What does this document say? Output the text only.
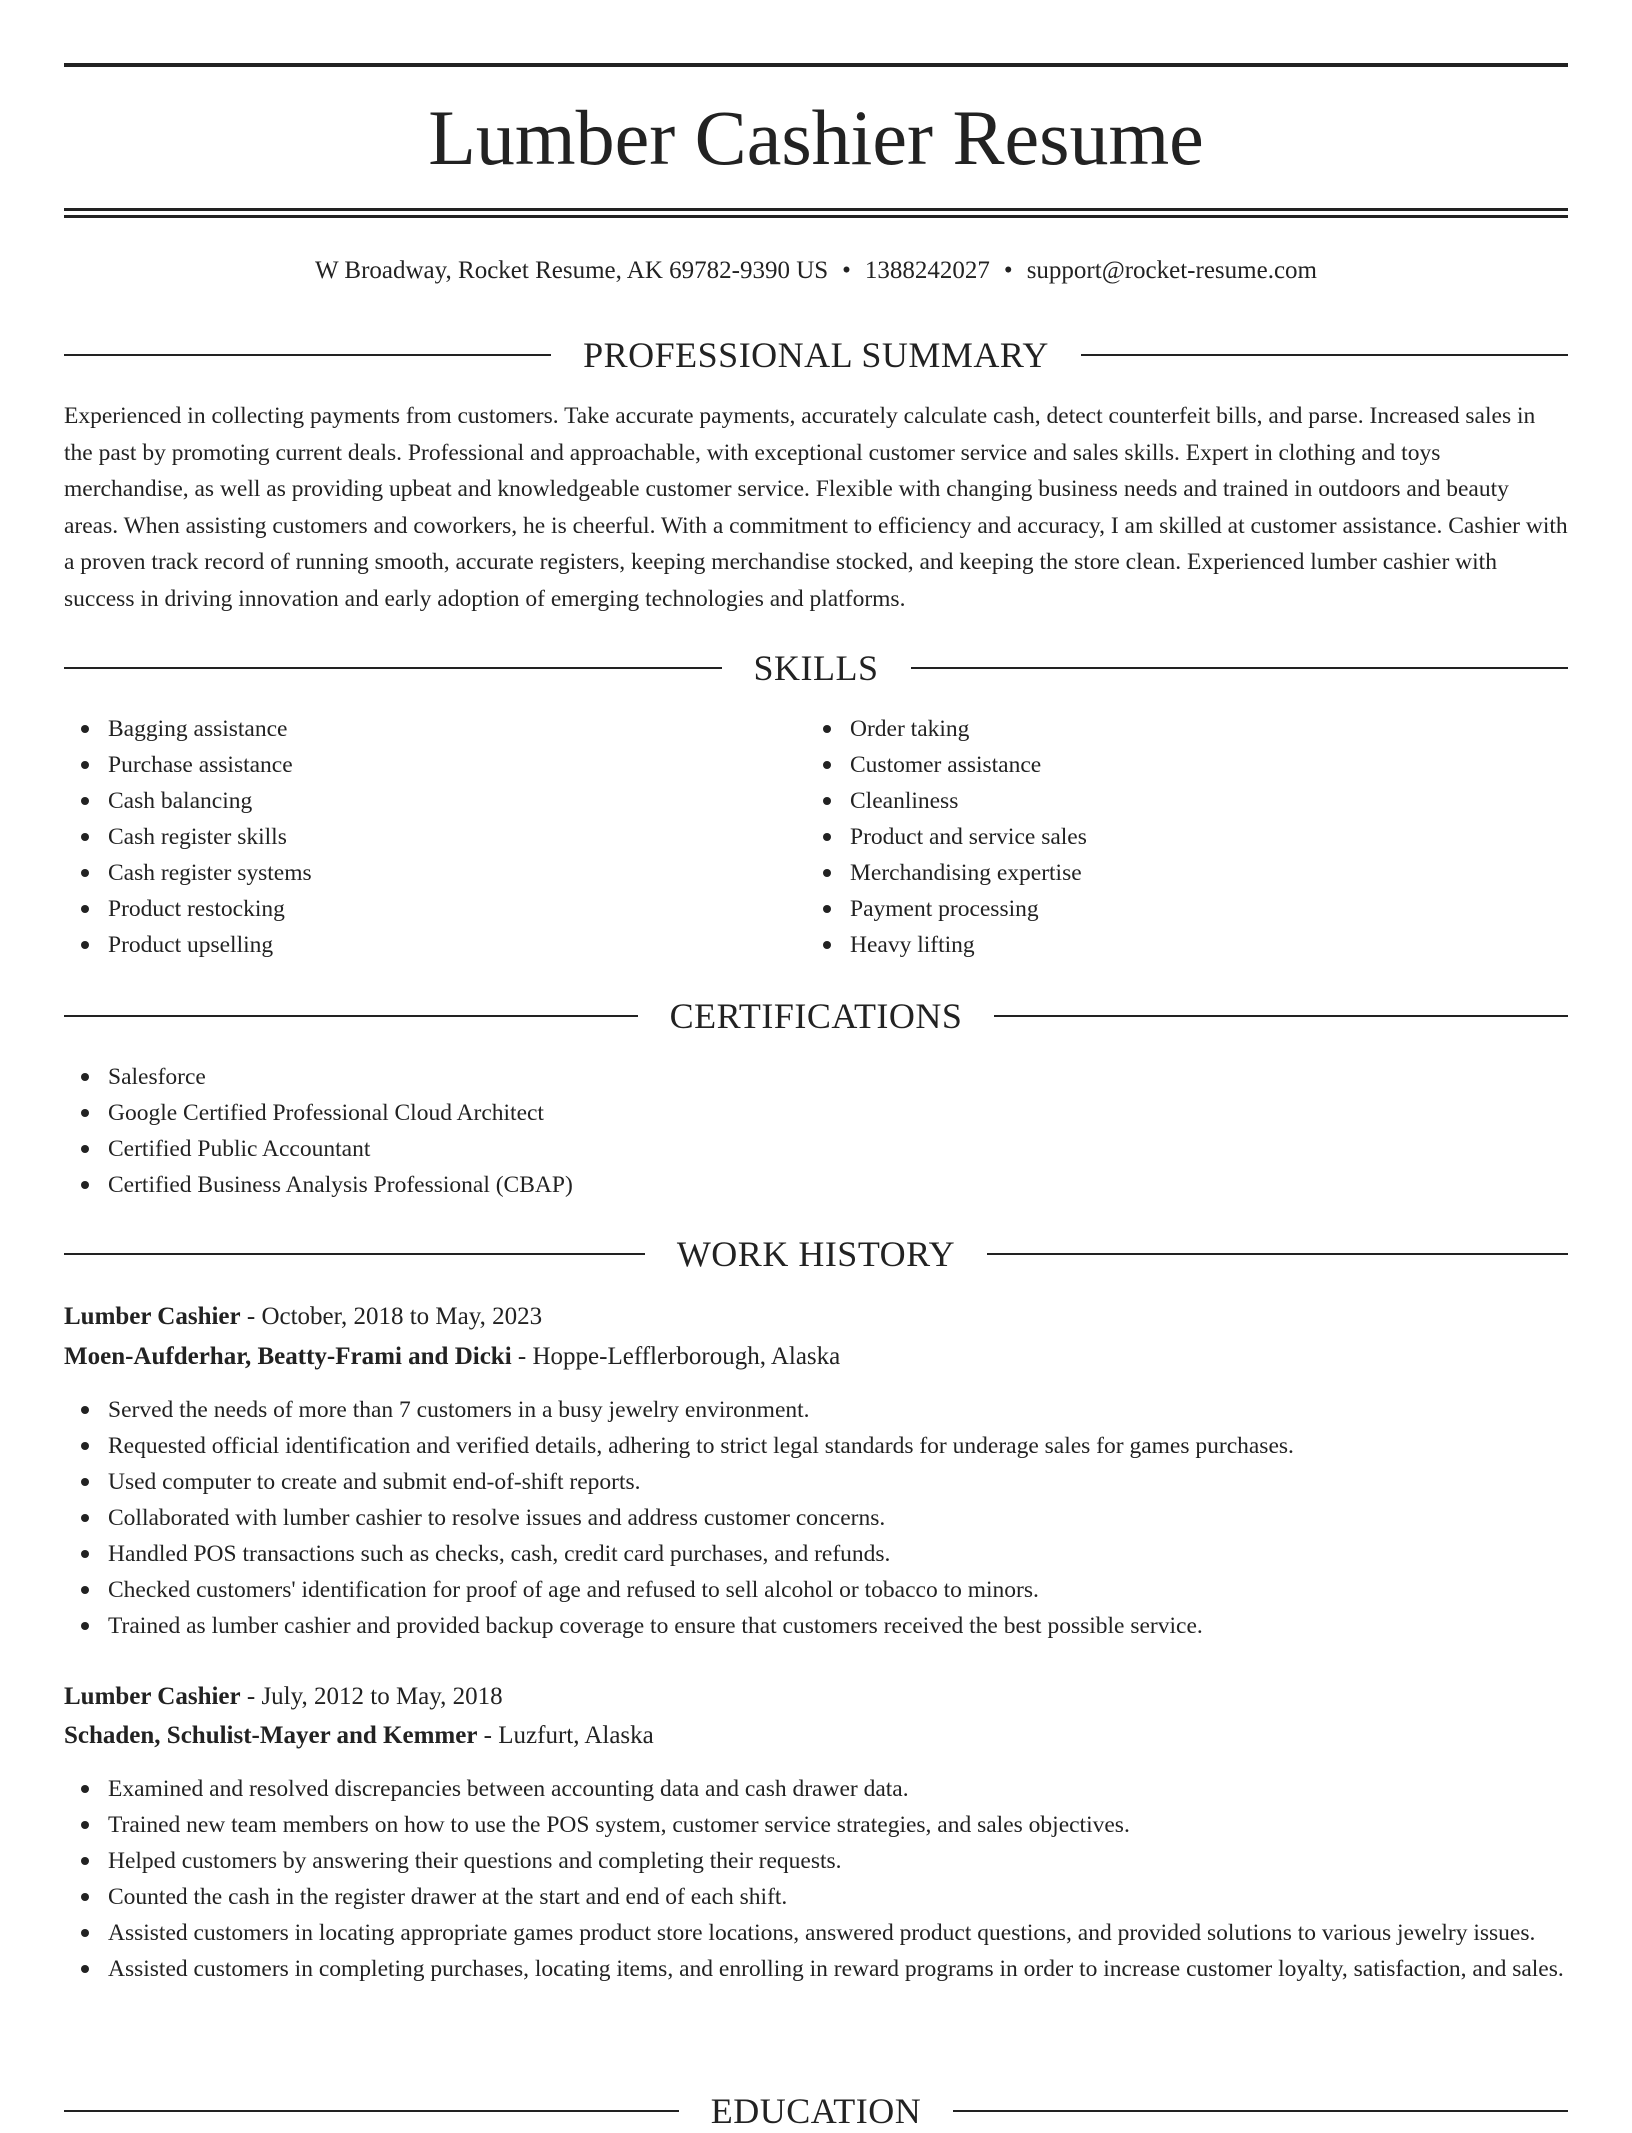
Lumber Cashier Resume
W Broadway, Rocket Resume, AK 69782-9390 US • 1388242027 • support@rocket-resume.com
PROFESSIONAL SUMMARY

Experienced in collecting payments from customers. Take accurate payments, accurately calculate cash, detect counterfeit bills, and parse. Increased sales in the past by promoting current deals. Professional and approachable, with exceptional customer service and sales skills. Expert in clothing and toys merchandise, as well as providing upbeat and knowledgeable customer service. Flexible with changing business needs and trained in outdoors and beauty areas. When assisting customers and coworkers, he is cheerful. With a commitment to efficiency and accuracy, I am skilled at customer assistance. Cashier with a proven track record of running smooth, accurate registers, keeping merchandise stocked, and keeping the store clean. Experienced lumber cashier with success in driving innovation and early adoption of emerging technologies and platforms.

SKILLS
Bagging assistance
Purchase assistance
Cash balancing
Cash register skills
Cash register systems
Product restocking
Product upselling
Order taking
Customer assistance
Cleanliness
Product and service sales
Merchandising expertise
Payment processing
Heavy lifting
CERTIFICATIONS
Salesforce
Google Certified Professional Cloud Architect
Certified Public Accountant
Certified Business Analysis Professional (CBAP)
WORK HISTORY
Lumber Cashier - October, 2018 to May, 2023
Moen-Aufderhar, Beatty-Frami and Dicki - Hoppe-Lefflerborough, Alaska
Served the needs of more than 7 customers in a busy jewelry environment.
Requested official identification and verified details, adhering to strict legal standards for underage sales for games purchases.
Used computer to create and submit end-of-shift reports.
Collaborated with lumber cashier to resolve issues and address customer concerns.
Handled POS transactions such as checks, cash, credit card purchases, and refunds.
Checked customers' identification for proof of age and refused to sell alcohol or tobacco to minors.
Trained as lumber cashier and provided backup coverage to ensure that customers received the best possible service.
Lumber Cashier - July, 2012 to May, 2018
Schaden, Schulist-Mayer and Kemmer - Luzfurt, Alaska
Examined and resolved discrepancies between accounting data and cash drawer data.
Trained new team members on how to use the POS system, customer service strategies, and sales objectives.
Helped customers by answering their questions and completing their requests.
Counted the cash in the register drawer at the start and end of each shift.
Assisted customers in locating appropriate games product store locations, answered product questions, and provided solutions to various jewelry issues.
Assisted customers in completing purchases, locating items, and enrolling in reward programs in order to increase customer loyalty, satisfaction, and sales.
EDUCATION
